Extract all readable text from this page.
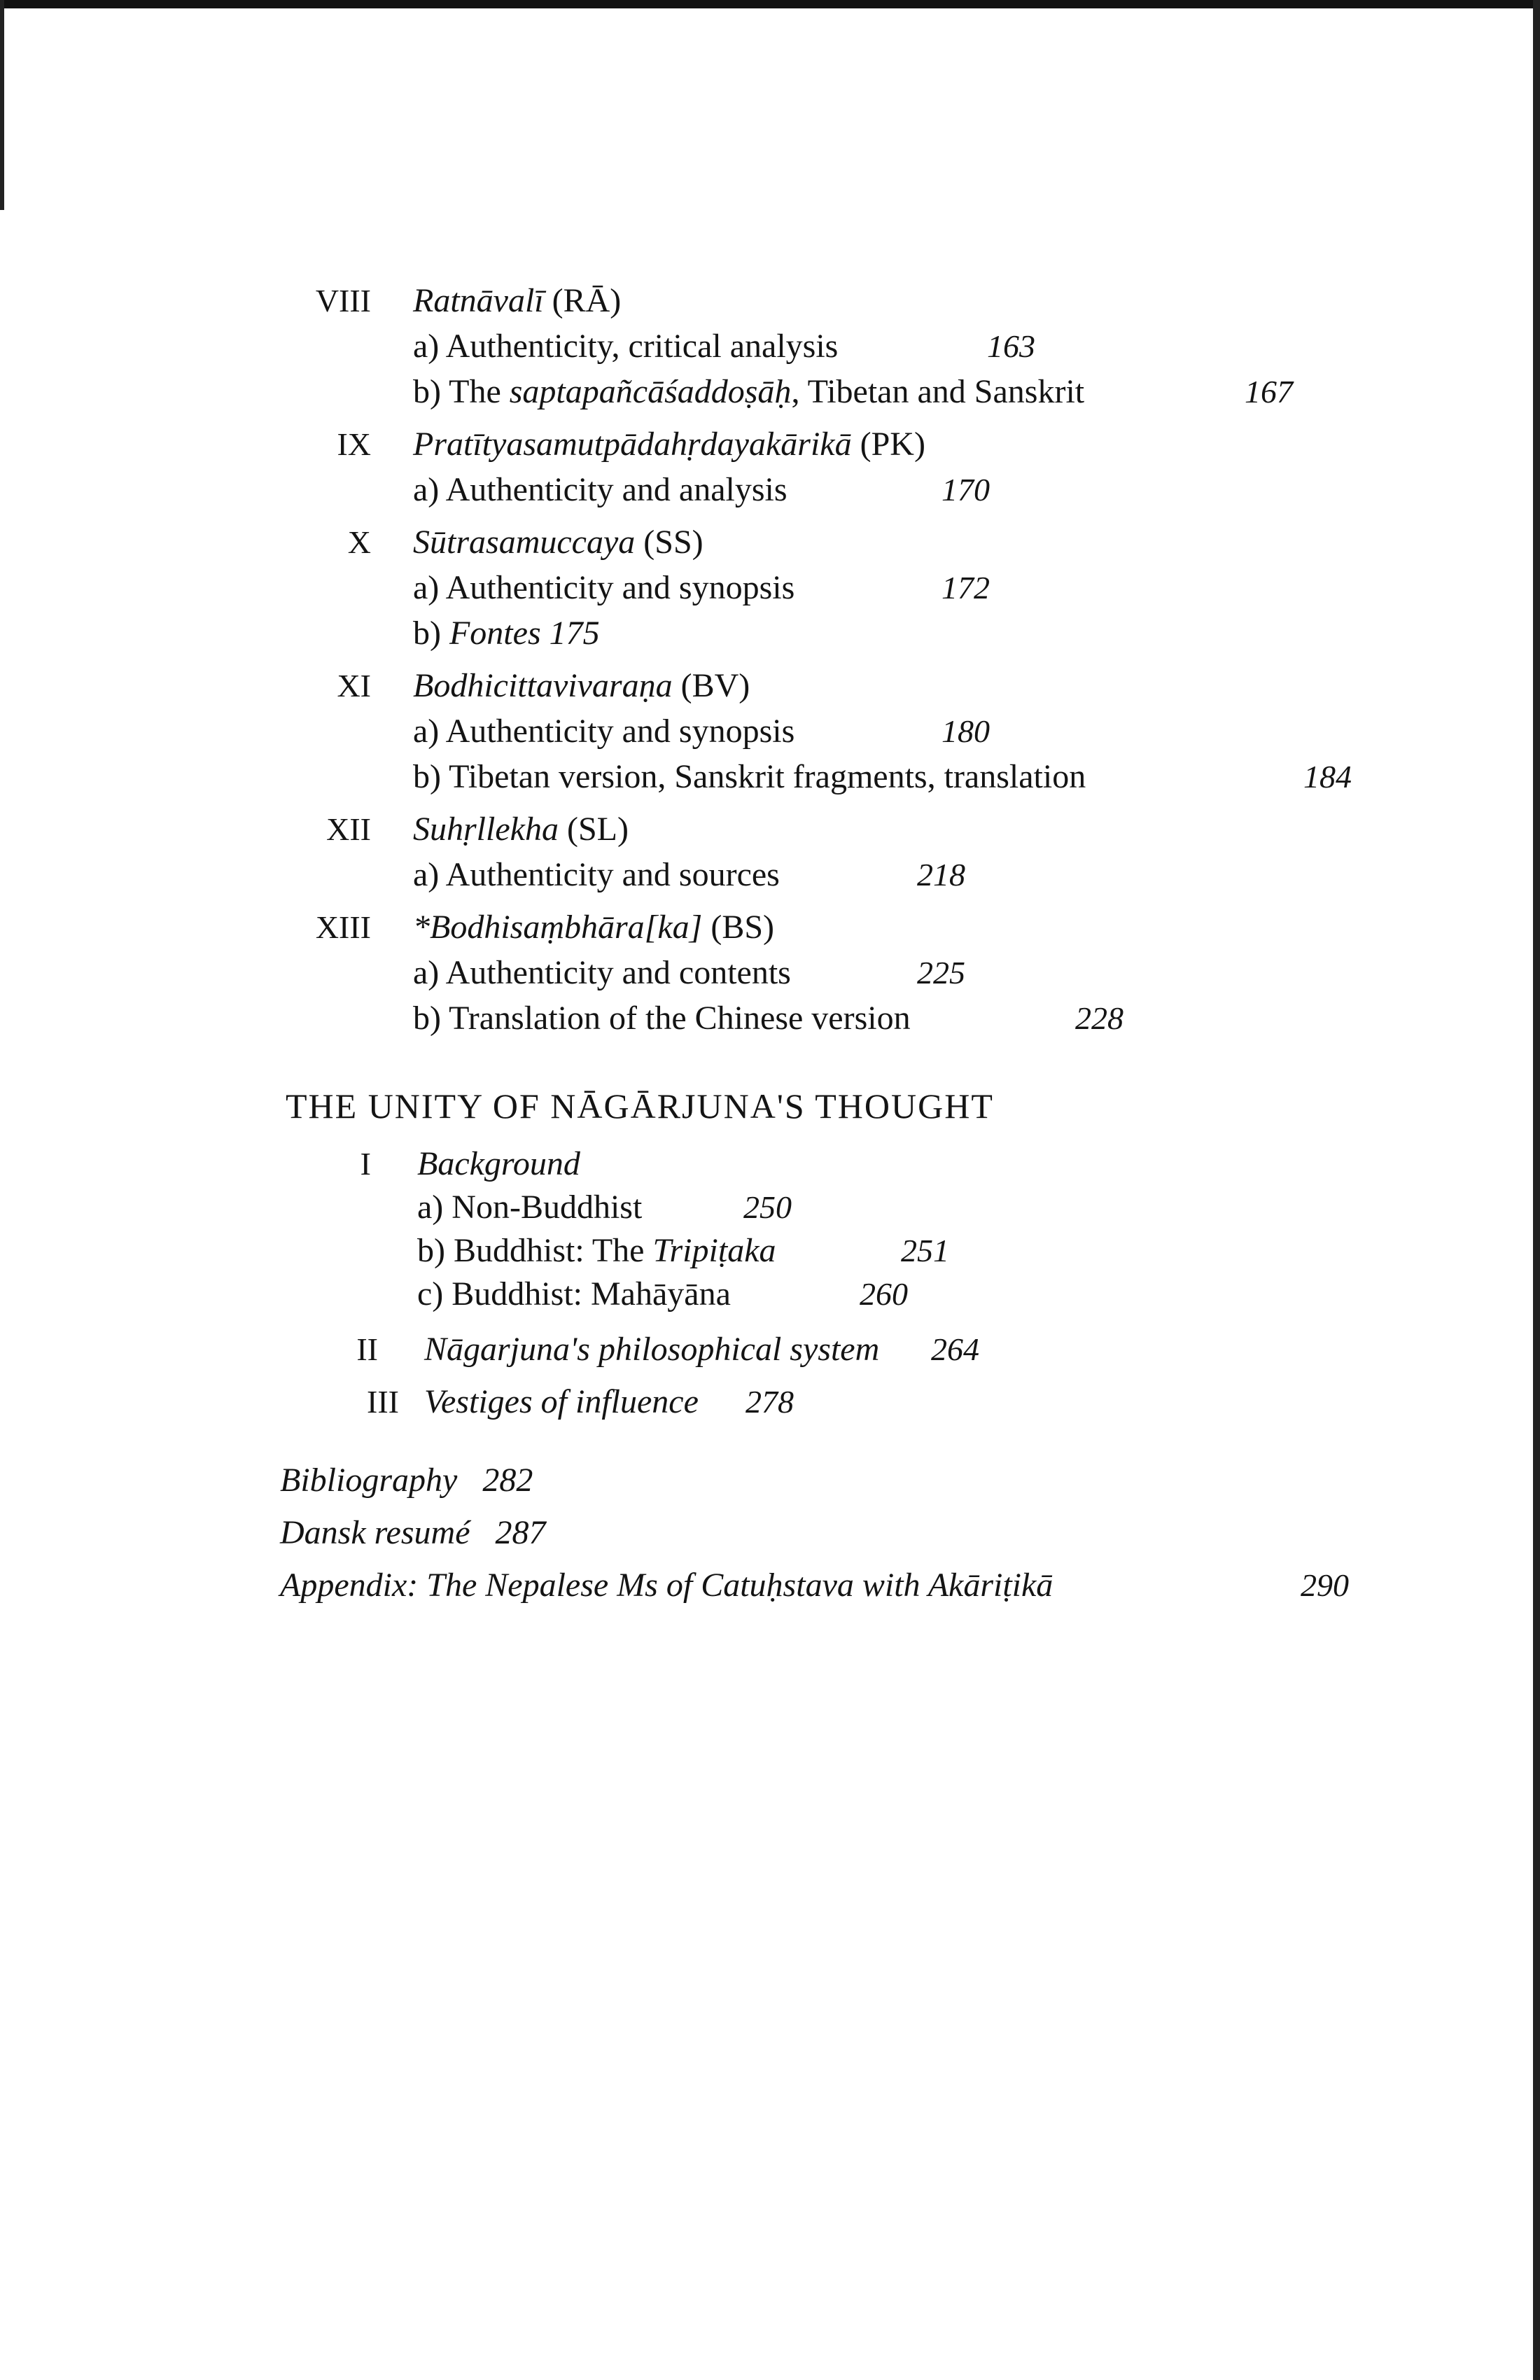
VIII Ratnāvalī (RĀ)
a) Authenticity, critical analysis	163
b) The saptapañcāśaddoṣāḥ, Tibetan and Sanskrit	167
IX Pratītyasamutpādahṛdayakārikā (PK)
a) Authenticity and analysis	170
X Sūtrasamuccaya (SS)
a) Authenticity and synopsis	172
b) Fontes 175
XI Bodhicittavivaraṇa (BV)
a) Authenticity and synopsis	180
b) Tibetan version, Sanskrit fragments, translation	184
XII Suhṛllekha (SL)
a) Authenticity and sources	218
XIII *Bodhisaṃbhāra[ka] (BS)
a) Authenticity and contents	225
b) Translation of the Chinese version	228
THE UNITY OF NĀGĀRJUNA'S THOUGHT
I Background
a) Non-Buddhist	250
b) Buddhist: The Tripiṭaka	251
c) Buddhist: Mahāyāna	260
II Nāgarjuna's philosophical system 264
III Vestiges of influence 278
Bibliography 282
Dansk resumé 287
Appendix: The Nepalese Ms of Catuḥstava with Akāriṭikā	290
